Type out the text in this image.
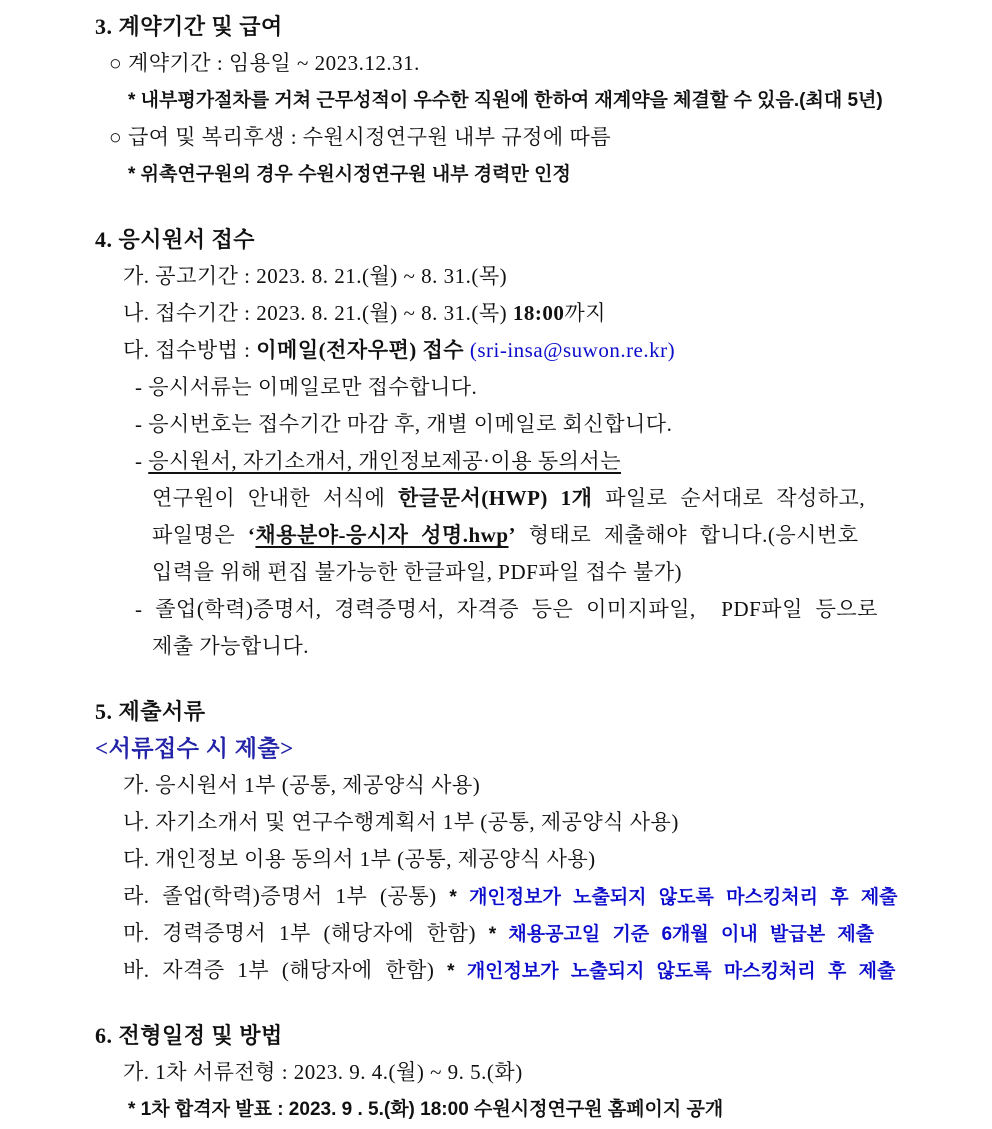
3. 계약기간 및 급여
○ 계약기간 : 임용일 ~ 2023.12.31.
* 내부평가절차를 거쳐 근무성적이 우수한 직원에 한하여 재계약을 체결할 수 있음.(최대 5년)
○ 급여 및 복리후생 : 수원시정연구원 내부 규정에 따름
* 위촉연구원의 경우 수원시정연구원 내부 경력만 인정
4. 응시원서 접수
가. 공고기간 : 2023. 8. 21.(월) ~ 8. 31.(목)
나. 접수기간 : 2023. 8. 21.(월) ~ 8. 31.(목) 18:00까지
다. 접수방법 : 이메일(전자우편) 접수 (sri-insa@suwon.re.kr)
- 응시서류는 이메일로만 접수합니다.
- 응시번호는 접수기간 마감 후, 개별 이메일로 회신합니다.
- 응시원서, 자기소개서, 개인정보제공·이용 동의서는
연구원이 안내한 서식에 한글문서(HWP) 1개 파일로 순서대로 작성하고,
파일명은 ‘채용분야-응시자 성명.hwp’ 형태로 제출해야 합니다.(응시번호
입력을 위해 편집 불가능한 한글파일, PDF파일 접수 불가)
- 졸업(학력)증명서, 경력증명서, 자격증 등은 이미지파일,  PDF파일 등으로
제출 가능합니다.
5. 제출서류
<서류접수 시 제출>
가. 응시원서 1부 (공통, 제공양식 사용)
나. 자기소개서 및 연구수행계획서 1부 (공통, 제공양식 사용)
다. 개인정보 이용 동의서 1부 (공통, 제공양식 사용)
라. 졸업(학력)증명서 1부 (공통) * 개인정보가 노출되지 않도록 마스킹처리 후 제출
마. 경력증명서 1부 (해당자에 한함) * 채용공고일 기준 6개월 이내 발급본 제출
바. 자격증 1부 (해당자에 한함) * 개인정보가 노출되지 않도록 마스킹처리 후 제출
6. 전형일정 및 방법
가. 1차 서류전형 : 2023. 9. 4.(월) ~ 9. 5.(화)
* 1차 합격자 발표 : 2023. 9 . 5.(화) 18:00 수원시정연구원 홈페이지 공개
